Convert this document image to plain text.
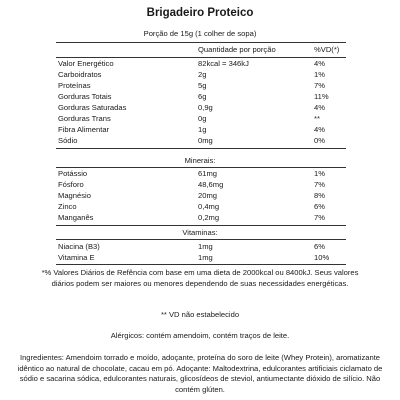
Brigadeiro Proteico
Porção de 15g (1 colher de sopa)
Quantidade por porção	%VD(*)
Valor Energético	82kcal = 346kJ	4%
Carboidratos	2g	1%
Proteínas	5g	7%
Gorduras Totais	6g	11%
Gorduras Saturadas	0,9g	4%
Gorduras Trans	0g	**
Fibra Alimentar	1g	4%
Sódio	0mg	0%
Minerais:
Potássio	61mg	1%
Fósforo	48,6mg	7%
Magnésio	20mg	8%
Zinco	0,4mg	6%
Manganês	0,2mg	7%
Vitaminas:
Niacina (B3)	1mg	6%
Vitamina E	1mg	10%
*% Valores Diários de Refência com base em uma dieta de 2000kcal ou 8400kJ. Seus valores diários podem ser maiores ou menores dependendo de suas necessidades energéticas.
** VD não estabelecido
Alérgicos: contém amendoim, contém traços de leite.
Ingredientes: Amendoim torrado e moído, adoçante, proteína do soro de leite (Whey Protein), aromatizante idêntico ao natural de chocolate, cacau em pó. Adoçante: Maltodextrina, edulcorantes artificiais ciclamato de sódio e sacarina sódica, edulcorantes naturais, glicosídeos de steviol, antiumectante dióxido de silício. Não contém glúten.
